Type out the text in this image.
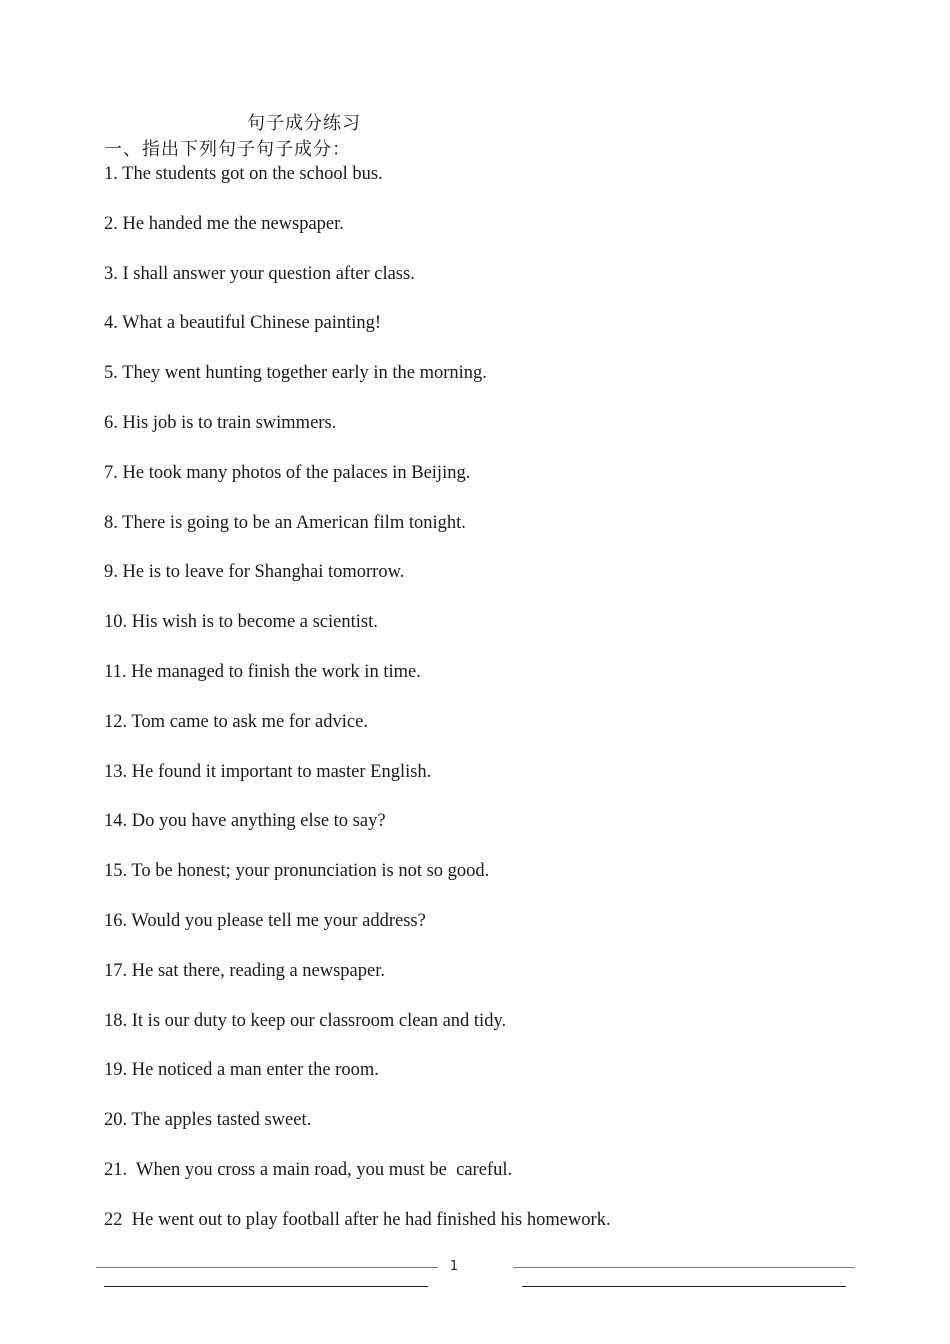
句子成分练习
一、指出下列句子句子成分：
1. The students got on the school bus.
2. He handed me the newspaper.
3. I shall answer your question after class.
4. What a beautiful Chinese painting!
5. They went hunting together early in the morning.
6. His job is to train swimmers.
7. He took many photos of the palaces in Beijing.
8. There is going to be an American film tonight.
9. He is to leave for Shanghai tomorrow.
10. His wish is to become a scientist.
11. He managed to finish the work in time.
12. Tom came to ask me for advice.
13. He found it important to master English.
14. Do you have anything else to say?
15. To be honest; your pronunciation is not so good.
16. Would you please tell me your address?
17. He sat there, reading a newspaper.
18. It is our duty to keep our classroom clean and tidy.
19. He noticed a man enter the room.
20. The apples tasted sweet.
21.  When you cross a main road, you must be  careful.
22  He went out to play football after he had finished his homework.
1
